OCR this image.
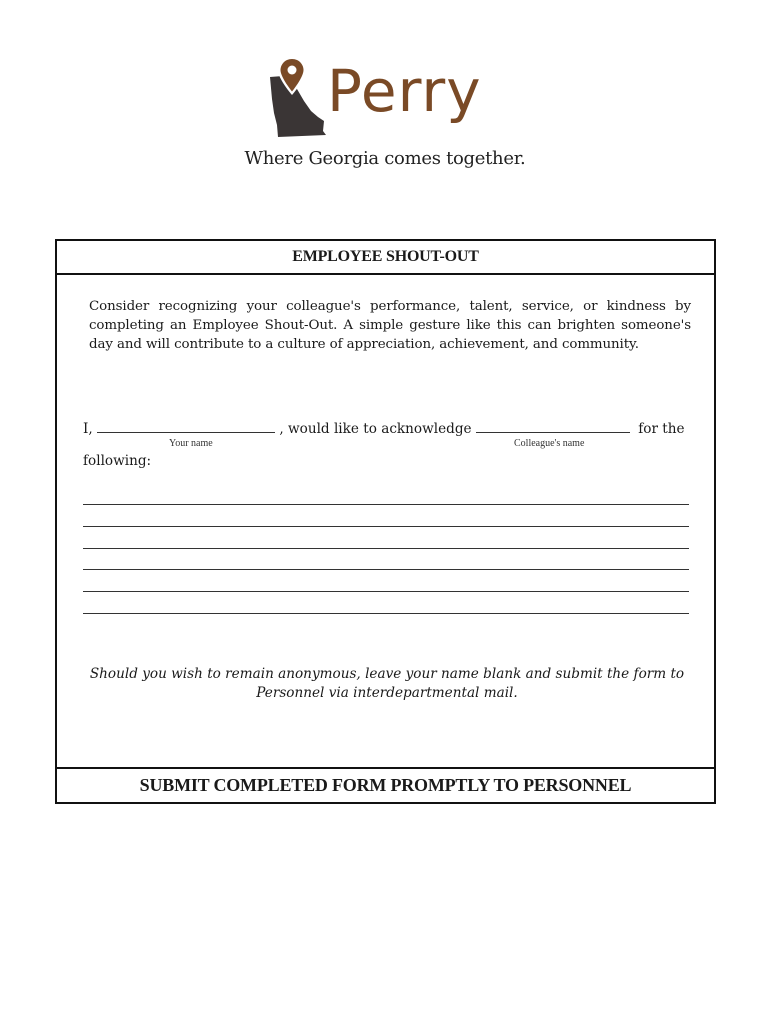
Perry
Where Georgia comes together.
EMPLOYEE SHOUT-OUT
Consider recognizing your colleague's performance, talent, service, or kindness by completing an Employee Shout-Out. A simple gesture like this can brighten someone's day and will contribute to a culture of appreciation, achievement, and community.
I,	, would like to acknowledge	for the
Your name	Colleague's name
following:
Should you wish to remain anonymous, leave your name blank and submit the form to Personnel via interdepartmental mail.
SUBMIT COMPLETED FORM PROMPTLY TO PERSONNEL
